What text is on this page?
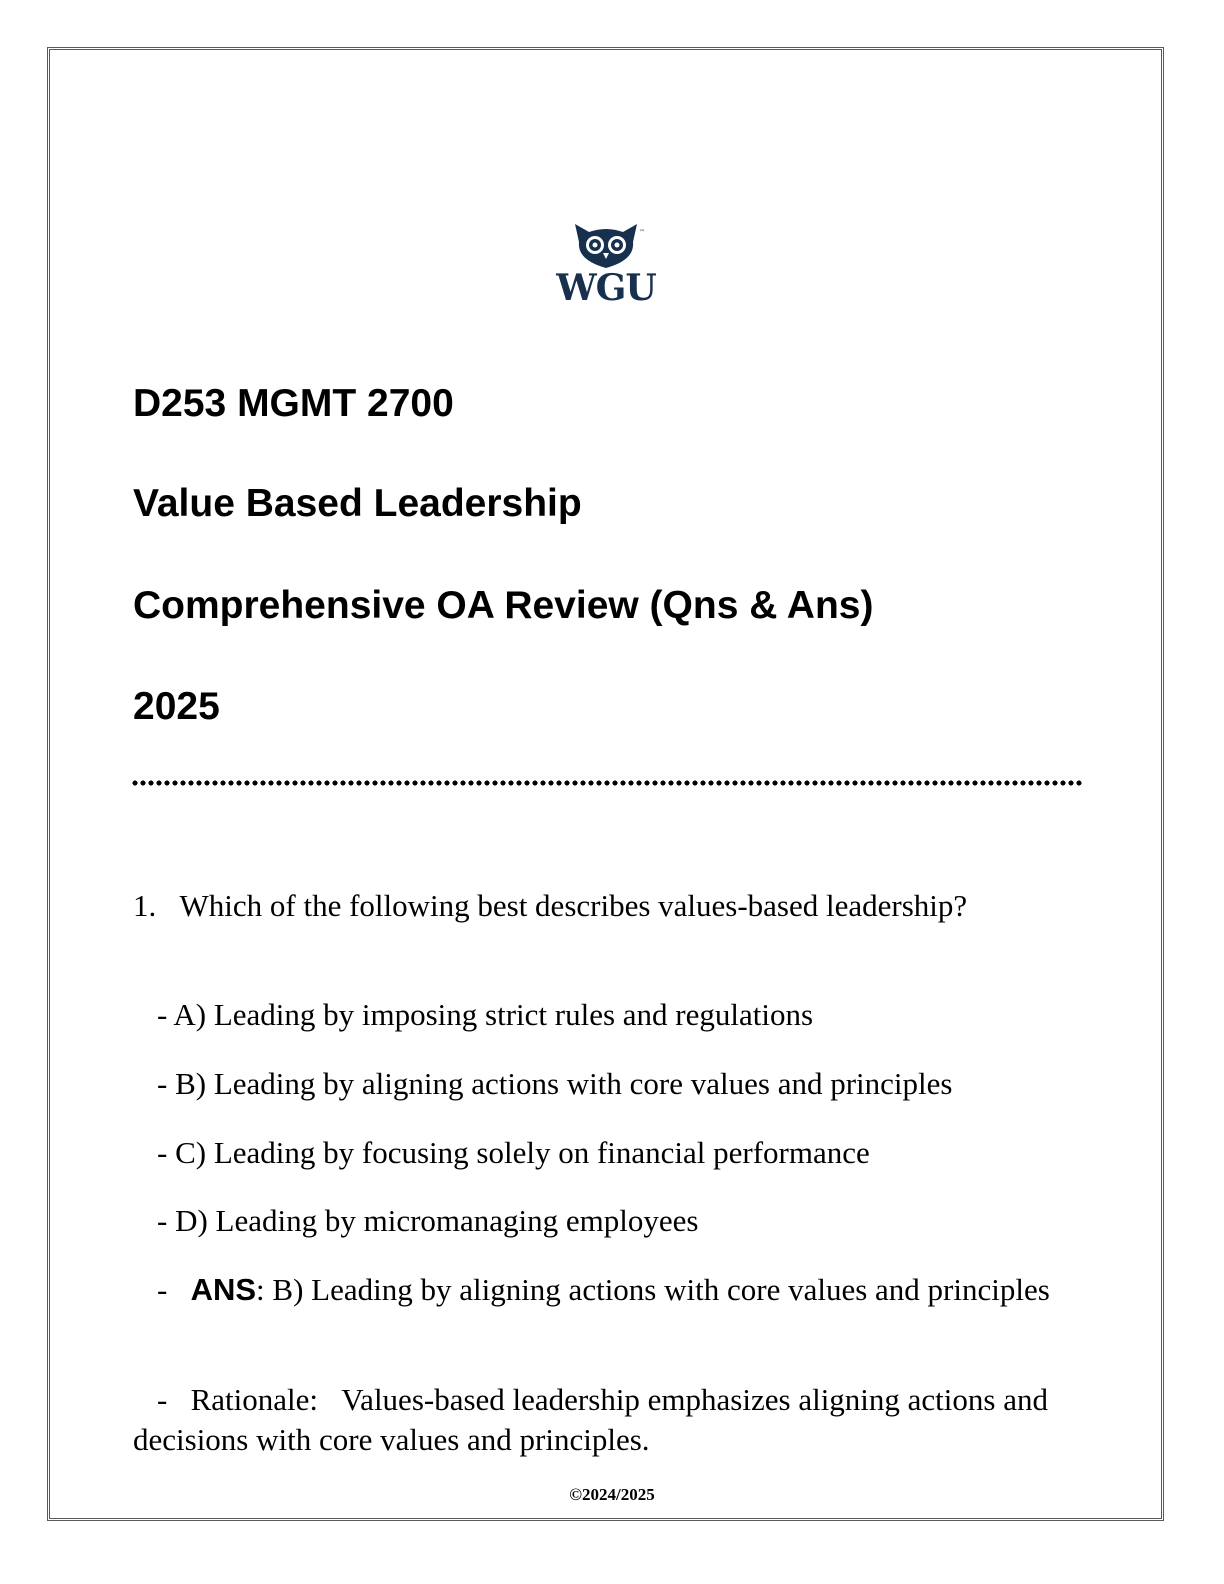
™
WGU
D253 MGMT 2700
Value Based Leadership
Comprehensive OA Review (Qns & Ans)
2025
1. Which of the following best describes values-based leadership?
- A) Leading by imposing strict rules and regulations
- B) Leading by aligning actions with core values and principles
- C) Leading by focusing solely on financial performance
- D) Leading by micromanaging employees
- ANS: B) Leading by aligning actions with core values and principles
- Rationale: Values-based leadership emphasizes aligning actions and decisions with core values and principles.
©2024/2025
